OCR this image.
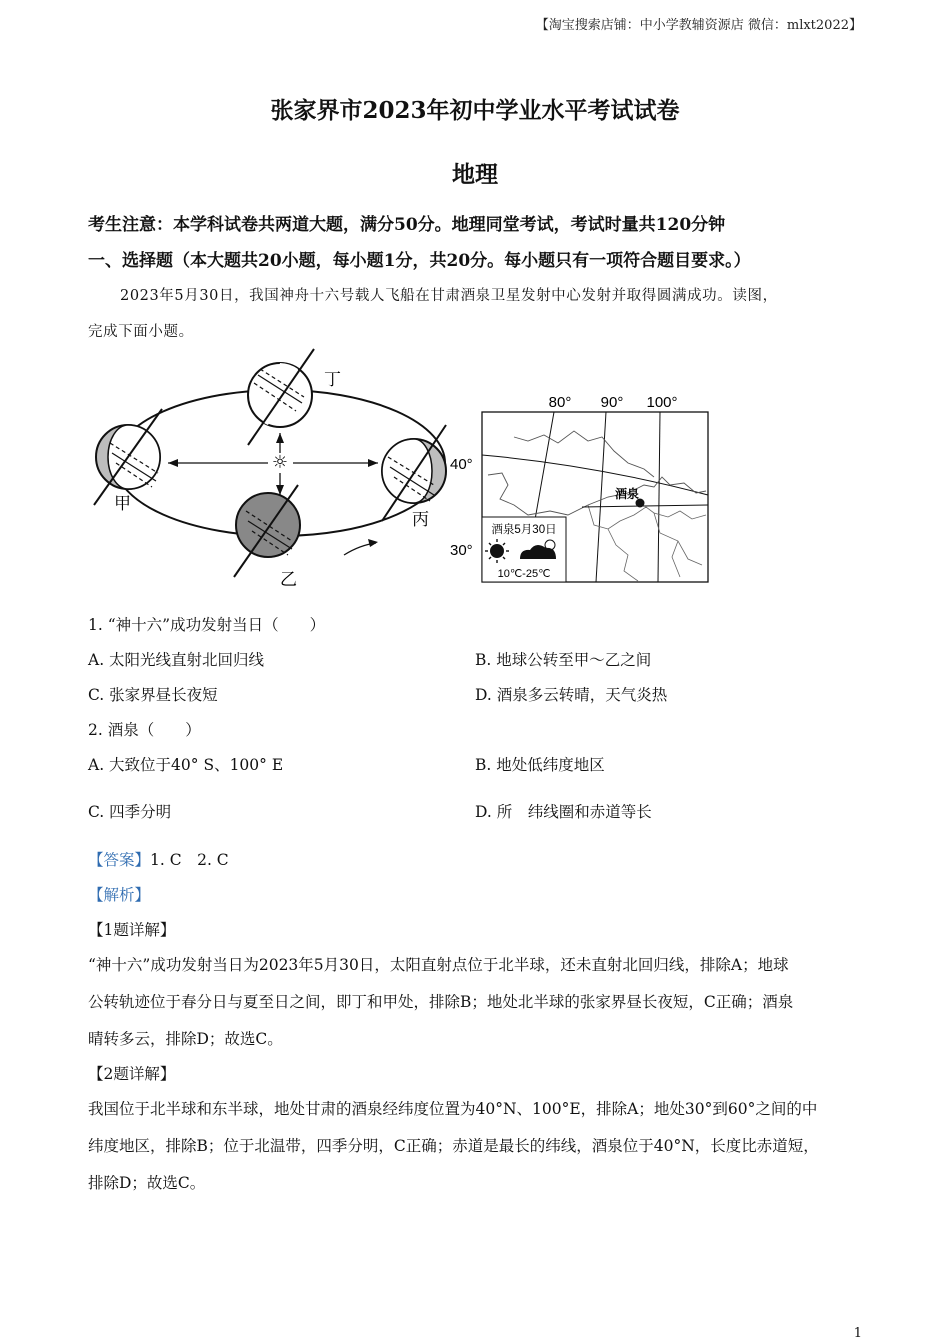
【淘宝搜索店铺：中小学教辅资源店 微信：mlxt2022】
张家界市2023年初中学业水平考试试卷
地理
考生注意：本学科试卷共两道大题，满分50分。地理同堂考试，考试时量共120分钟
一、选择题（本大题共20小题，每小题1分，共20分。每小题只有一项符合题目要求。）
2023年5月30日，我国神舟十六号载人飞船在甘肃酒泉卫星发射中心发射并取得圆满成功。读图，
完成下面小题。
☼
丁
甲
丙
乙
80° 90° 100°
40°
30°
酒泉
酒泉5月30日
10℃-25℃
1. “神十六”成功发射当日（　　）
A. 太阳光线直射北回归线	B. 地球公转至甲～乙之间
C. 张家界昼长夜短	D. 酒泉多云转晴，天气炎热
2. 酒泉（　　）
A. 大致位于40° S、100° E	B. 地处低纬度地区
C. 四季分明	D. 所　纬线圈和赤道等长
【答案】1. C　2. C
【解析】
【1题详解】
“神十六”成功发射当日为2023年5月30日，太阳直射点位于北半球，还未直射北回归线，排除A；地球
公转轨迹位于春分日与夏至日之间，即丁和甲处，排除B；地处北半球的张家界昼长夜短，C正确；酒泉
晴转多云，排除D；故选C。
【2题详解】
我国位于北半球和东半球，地处甘肃的酒泉经纬度位置为40°N、100°E，排除A；地处30°到60°之间的中
纬度地区，排除B；位于北温带，四季分明，C正确；赤道是最长的纬线，酒泉位于40°N，长度比赤道短，
排除D；故选C。
1
